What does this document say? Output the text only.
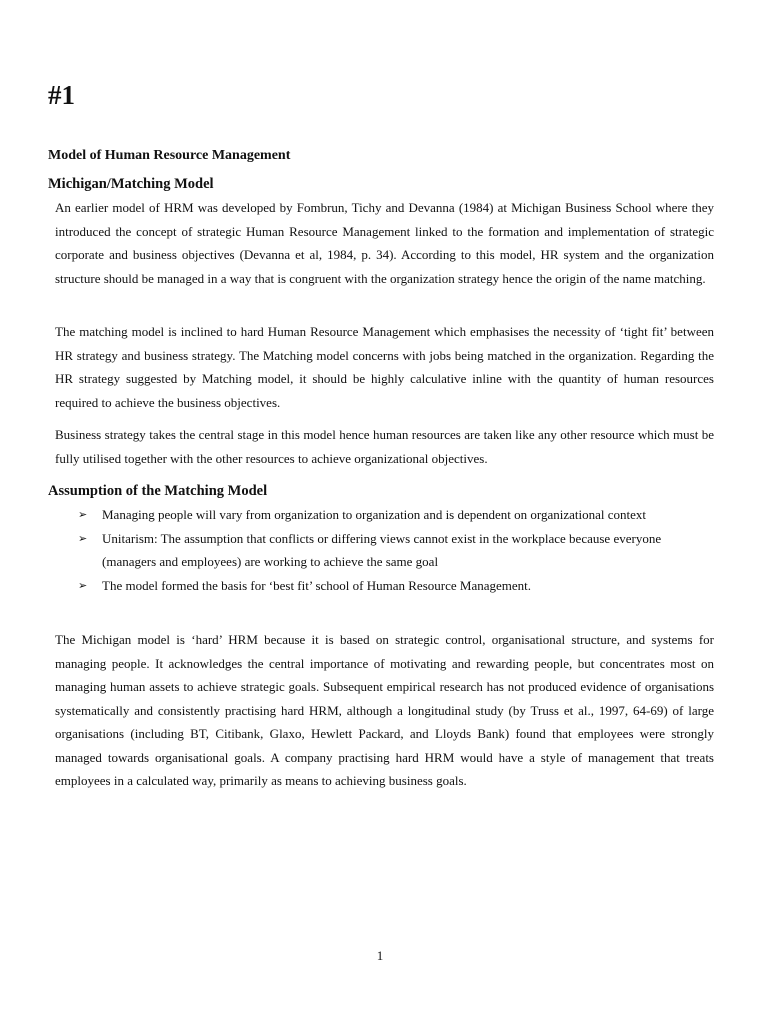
#1
Model of Human Resource Management
Michigan/Matching Model

An earlier model of HRM was developed by Fombrun, Tichy and Devanna (1984) at Michigan Business School where they introduced the concept of strategic Human Resource Management linked to the formation and implementation of strategic corporate and business objectives (Devanna et al, 1984, p. 34). According to this model, HR system and the organization structure should be managed in a way that is congruent with the organization strategy hence the origin of the name matching.

The matching model is inclined to hard Human Resource Management which emphasises the necessity of ‘tight fit’ between HR strategy and business strategy. The Matching model concerns with jobs being matched in the organization. Regarding the HR strategy suggested by Matching model, it should be highly calculative inline with the quantity of human resources required to achieve the business objectives.

Business strategy takes the central stage in this model hence human resources are taken like any other resource which must be fully utilised together with the other resources to achieve organizational objectives.

Assumption of the Matching Model
➢ Managing people will vary from organization to organization and is dependent on organizational context
➢ Unitarism: The assumption that conflicts or differing views cannot exist in the workplace because everyone (managers and employees) are working to achieve the same goal
➢ The model formed the basis for ‘best fit’ school of Human Resource Management.

The Michigan model is ‘hard’ HRM because it is based on strategic control, organisational structure, and systems for managing people. It acknowledges the central importance of motivating and rewarding people, but concentrates most on managing human assets to achieve strategic goals. Subsequent empirical research has not produced evidence of organisations systematically and consistently practising hard HRM, although a longitudinal study (by Truss et al., 1997, 64-69) of large organisations (including BT, Citibank, Glaxo, Hewlett Packard, and Lloyds Bank) found that employees were strongly managed towards organisational goals. A company practising hard HRM would have a style of management that treats employees in a calculated way, primarily as means to achieving business goals.

1
